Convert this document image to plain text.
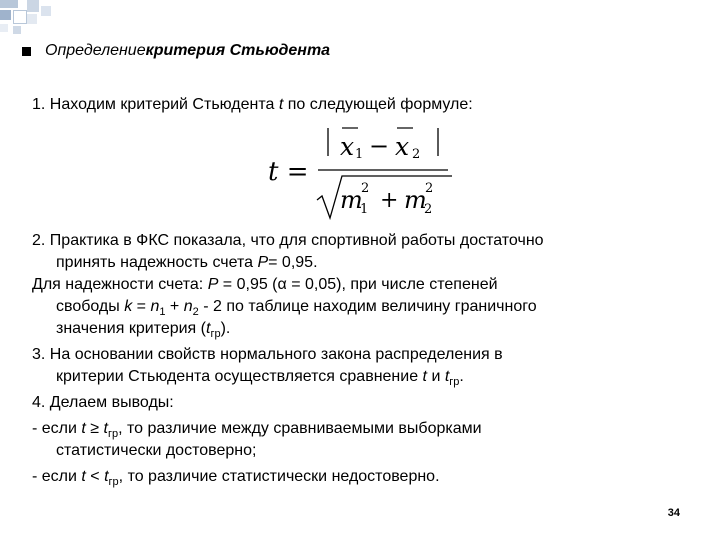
Определение критерия Стьюдента
1. Находим критерий Стьюдента t по следующей формуле:
t =
x 1 − x 2
m
2
1 + m
2
2
2. Практика в ФКС показала, что для спортивной работы достаточно
принять надежность счета P= 0,95.
Для надежности счета: P = 0,95 (α = 0,05), при числе степеней
свободы $k = n_1 + n_2 - 2$ по таблице находим величину граничного
значения критерия $(t_{гр})$.
3. На основании свойств нормального закона распределения в
критерии Стьюдента осуществляется сравнение t и $t_{гр}$.
4. Делаем выводы:
- если $t \ge t_{гр}$, то различие между сравниваемыми выборками
статистически достоверно;
- если $t < t_{гр}$, то различие статистически недостоверно.
34
